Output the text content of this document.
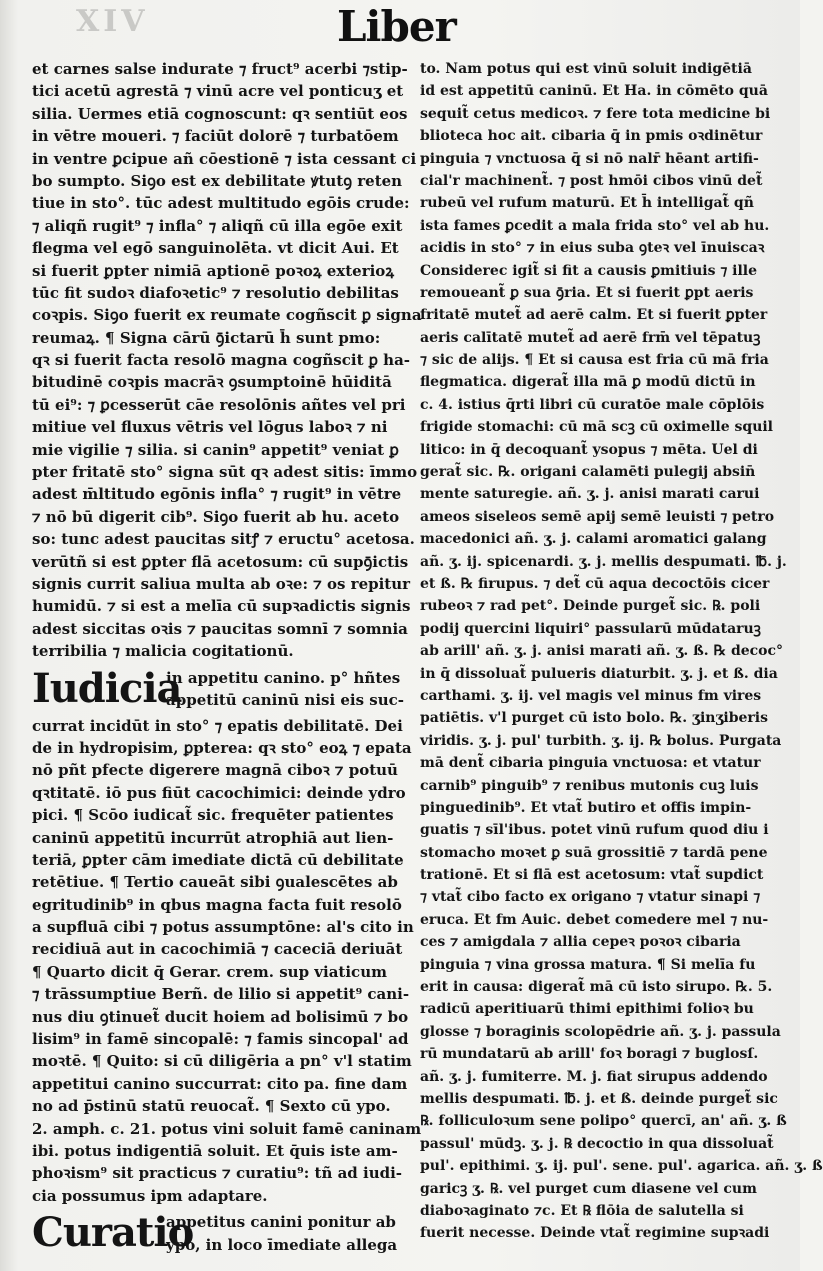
XIV	Liber
et carnes salse indurate ⁊ fruct⁹ acerbi ⁊stip-
tici acetū agrestā ⁊ vinū acre vel ponticuʒ et
silia. Uermes etiā cognoscunt: qꝛ sentiūt eos
in vētre moueri. ⁊ faciūt dolorē ⁊ turbatōem
in ventre ꝑcipue añ cōestionē ⁊ ista cessant ci
bo sumpto. Siꝯo est ex debilitate ꝟtutꝯ reten
tiue in sto°. tūc adest multitudo egōis crude:
⁊ aliqñ rugit⁹ ⁊ infla° ⁊ aliqñ cū illa egōe exit
flegma vel egō sanguinolēta. vt dicit Aui. Et
si fuerit ꝑpter nimiā aptionē poꝛoꝝ exterioꝝ
tūc fit sudoꝛ diafoꝛetic⁹ ⁊ resolutio debilitas
coꝛpis. Siꝯo fuerit ex reumate cogñscit ꝑ signa
reumaꝝ. ¶ Signa cārū ꝯ̄ictarū h̄ sunt pmo:
qꝛ si fuerit facta resolō magna cogñscit ꝑ ha-
bitudinē coꝛpis macrāꝛ ꝯsumptoinē hūiditā
tū ei⁹: ⁊ ꝑcesserūt cāe resolōnis añtes vel pri
mitiue vel fluxus vētris vel lōgus laboꝛ ⁊ ni
mie vigilie ⁊ silia. si canin⁹ appetit⁹ veniat ꝑ
pter fritatē sto° signa sūt qꝛ adest sitis: īmmo
adest m̄ltitudo egōnis infla° ⁊ rugit⁹ in vētre
⁊ nō bū digerit cib⁹. Siꝯo fuerit ab hu. aceto
so: tunc adest paucitas sitꝭ ⁊ eructu° acetosa.
verūtñ si est ꝑpter flā acetosum: cū supꝯ̄ictis
signis currit saliua multa ab oꝛe: ⁊ os repitur
humidū. ⁊ si est a melīa cū supꝛadictis signis
adest siccitas oꝛis ⁊ paucitas somnī ⁊ somnia
terribilia ⁊ malicia cogitationū.
Iudicia
in appetitu canino. p° hñtes
appetitū caninū nisi eis suc-
currat incidūt in sto° ⁊ epatis debilitatē. Dei
de in hydropisim, ꝑpterea: qꝛ sto° eoꝝ ⁊ epata
nō pñt pfecte digerere magnā ciboꝛ ⁊ potuū
qꝛtitatē. iō pus fiūt cacochimici: deinde ydro
pici. ¶ Scōo iudicat̃ sic. frequēter patientes
caninū appetitū incurrūt atrophiā aut lien-
teriā, ꝑpter cām imediate dictā cū debilitate
retētiue. ¶ Tertio caueāt sibi ꝯualescētes ab
egritudinib⁹ in qbus magna facta fuit resolō
a supfluā cibi ⁊ potus assumptōne: al's cito in
recidiuā aut in cacochimiā ⁊ caceciā deriuāt
¶ Quarto dicit q̄ Gerar. crem. sup viaticum
⁊ trāssumptiue Berñ. de lilio si appetit⁹ cani-
nus diu ꝯtinuet̃ ducit hoiem ad bolisimū ⁊ bo
lisim⁹ in famē sincopalē: ⁊ famis sincopal' ad
moꝛtē. ¶ Quito: si cū diligēria a pn° v'l statim
appetitui canino succurrat: cito pa. fine dam
no ad p̄stinū statū reuocat̃. ¶ Sexto cū ypo.
2. amph. c. 21. potus vini soluit famē caninam
ibi. potus indigentiā soluit. Et q̄uis iste am-
phoꝛism⁹ sit practicus ⁊ curatiu⁹: tñ ad iudi-
cia possumus ipm adaptare.
Curatio
appetitus canini ponitur ab
ypo, in loco īmediate allega
to. Nam potus qui est vinū soluit indigētiā
id est appetitū caninū. Et Ha. in cōmēto quā
sequit̃ cetus medicoꝛ. ⁊ fere tota medicine bi
blioteca hoc ait. cibaria q̄ in pmis oꝛdinētur
pinguia ⁊ vnctuosa q̄ si nō nalr̄ hēant artifi-
cial'r machinent̃. ⁊ post hmōi cibos vinū det̃
rubeū vel rufum maturū. Et h̄ intelligat̃ qñ
ista fames ꝑcedit a mala frida sto° vel ab hu.
acidis in sto° ⁊ in eius suba ꝯteꝛ vel īnuiscaꝛ
Considerec igit̃ si fit a causis ꝑmitiuis ⁊ ille
remoueant̃ ꝑ sua ꝯ̄ria. Et si fuerit ꝑpt aeris
fritatē mutet̃ ad aerē calm. Et si fuerit ꝑpter
aeris calītatē mutet̃ ad aerē frm̄ vel tēpatuꝫ
⁊ sic de alijs. ¶ Et si causa est fria cū mā fria
flegmatica. digerat̃ illa mā ꝑ modū dictū in
c. 4. istius q̄rti libri cū curatōe male cōplōis
frigide stomachi: cū mā scꝫ cū oximelle squil
litico: in q̄ decoquant̃ ysopus ⁊ mēta. Uel di
gerat̃ sic. ℞. origani calamēti pulegij absin̄
mente saturegie. añ. ʒ. j. anisi marati carui
ameos siseleos semē apij semē leuisti ⁊ petro
macedonici añ. ʒ. j. calami aromatici galang
añ. ʒ. ij. spicenardi. ʒ. j. mellis despumati. ℔. j.
et ß. ℞ firupus. ⁊ det̃ cū aqua decoctōis cicer
rubeoꝛ ⁊ rad pet°. Deinde purget̃ sic. ℞. poli
podij quercini liquiri° passularū mūdataruꝫ
ab arill' añ. ʒ. j. anisi marati añ. ʒ. ß. ℞ decoc°
in q̄ dissoluat̃ pulueris diaturbit. ʒ. j. et ß. dia
carthami. ʒ. ij. vel magis vel minus fm vires
patiētis. v'l purget cū isto bolo. ℞. ʒinʒiberis
viridis. ʒ. j. pul' turbith. ʒ. ij. ℞ bolus. Purgata
mā dent̃ cibaria pinguia vnctuosa: et vtatur
carnib⁹ pinguib⁹ ⁊ renibus mutonis cuꝫ luis
pinguedinib⁹. Et vtat̃ butiro et offis impin-
guatis ⁊ sīl'ibus. potet vinū rufum quod diu i
stomacho moꝛet ꝑ suā grossitiē ⁊ tardā pene
trationē. Et si flā est acetosum: vtat̃ supdict
⁊ vtat̃ cibo facto ex origano ⁊ vtatur sinapi ⁊
eruca. Et fm Auic. debet comedere mel ⁊ nu-
ces ⁊ amigdala ⁊ allia cepeꝛ poꝛoꝛ cibaria
pinguia ⁊ vina grossa matura. ¶ Si melīa fu
erit in causa: digerat̃ mā cū isto sirupo. ℞. 5.
radicū aperitiuarū thimi epithimi folioꝛ bu
glosse ⁊ boraginis scolopēdrie añ. ʒ. j. passula
rū mundatarū ab arill' foꝛ boragi ⁊ buglosſ.
añ. ʒ. j. fumiterre. M. j. fiat sirupus addendo
mellis despumati. ℔. j. et ß. deinde purget̃ sic
℞. folliculoꝛum sene polipo° quercī, an' añ. ʒ. ß
passul' mūdꝫ. ʒ. j. ℞ decoctio in qua dissoluat̃
pul'. epithimi. ʒ. ij. pul'. sene. pul'. agarica. añ. ʒ. ß
garicꝫ ʒ. ℞. vel purget cum diasene vel cum
diaboꝛaginato ⁊c. Et ℞ flōia de salutella si
fuerit necesse. Deinde vtat̃ regimine supꝛadi
